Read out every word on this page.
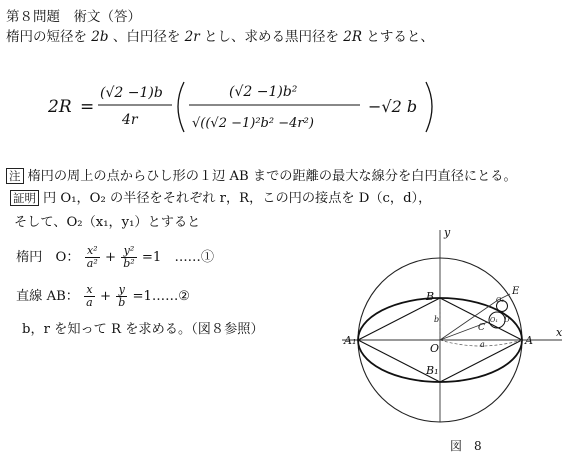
第８問題　術文（答）
楕円の短径を 2b 、白円径を 2r とし、求める黒円径を 2R とすると、
2R =
(√2 −1)b
4r
(√2 −1)b²
√((√2 −1)²b² −4r²)
−√2 b
注 楕円の周上の点からひし形の１辺 AB までの距離の最大な線分を白円直径にとる。
証明 円 O₁，O₂ の半径をそれぞれ r，R，この円の接点を D（c，d），
そして、O₂（x₁，y₁）とすると
楕円　O： $\frac{\text{x²}}{\text{a²}} + \frac{\text{y²}}{\text{b²}} =1$　……①
直線 AB： $\frac{x}{a} + \frac{y}{b}$ =1……②
b，r を知って R を求める。（図８参照）
y
x
B
B₁
A
A₁
O
C
E
O₁
O₂
D
b
a
図　8
